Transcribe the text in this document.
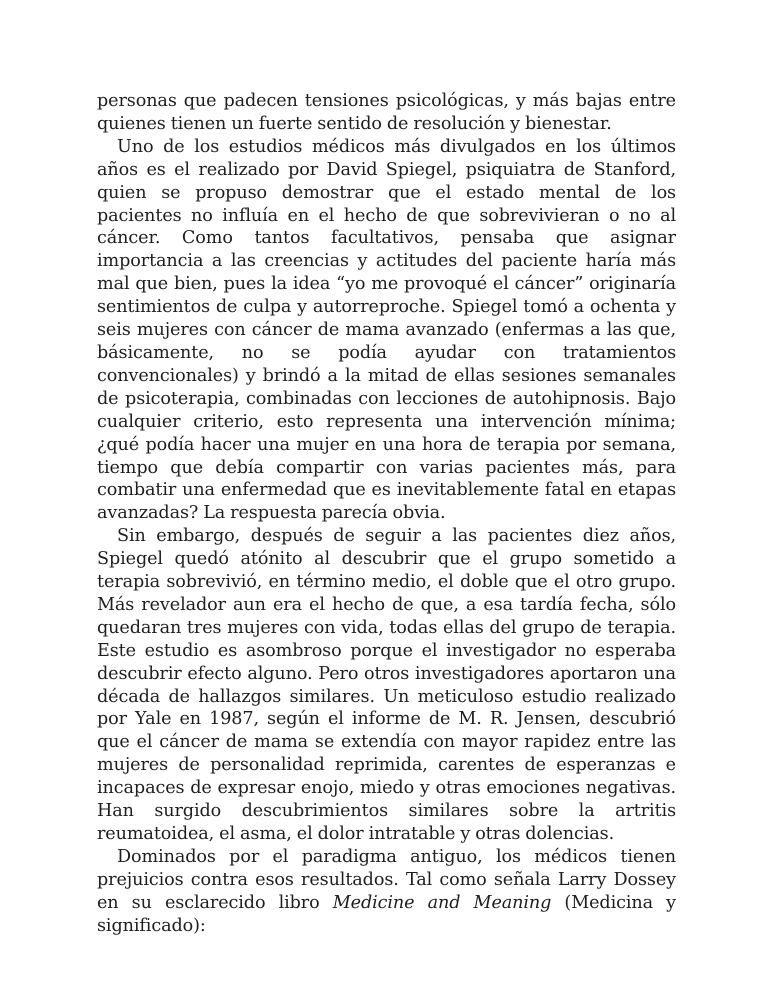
personas que padecen tensiones psicológicas, y más bajas entre quienes tienen un fuerte sentido de resolución y bienestar.

Uno de los estudios médicos más divulgados en los últimos años es el realizado por David Spiegel, psiquiatra de Stanford, quien se propuso demostrar que el estado mental de los pacientes no influía en el hecho de que sobrevivieran o no al cáncer. Como tantos facultativos, pensaba que asignar importancia a las creencias y actitudes del paciente haría más mal que bien, pues la idea “yo me provoqué el cáncer” originaría sentimientos de culpa y autorreproche. Spiegel tomó a ochenta y seis mujeres con cáncer de mama avanzado (enfermas a las que, básicamente, no se podía ayudar con tratamientos convencionales) y brindó a la mitad de ellas sesiones semanales de psicoterapia, combinadas con lecciones de autohipnosis. Bajo cualquier criterio, esto representa una intervención mínima; ¿qué podía hacer una mujer en una hora de terapia por semana, tiempo que debía compartir con varias pacientes más, para combatir una enfermedad que es inevitablemente fatal en etapas avanzadas? La respuesta parecía obvia.

Sin embargo, después de seguir a las pacientes diez años, Spiegel quedó atónito al descubrir que el grupo sometido a terapia sobrevivió, en término medio, el doble que el otro grupo. Más revelador aun era el hecho de que, a esa tardía fecha, sólo quedaran tres mujeres con vida, todas ellas del grupo de terapia. Este estudio es asombroso porque el investigador no esperaba descubrir efecto alguno. Pero otros investigadores aportaron una década de hallazgos similares. Un meticuloso estudio realizado por Yale en 1987, según el informe de M. R. Jensen, descubrió que el cáncer de mama se extendía con mayor rapidez entre las mujeres de personalidad reprimida, carentes de esperanzas e incapaces de expresar enojo, miedo y otras emociones negativas. Han surgido descubrimientos similares sobre la artritis reumatoidea, el asma, el dolor intratable y otras dolencias.

Dominados por el paradigma antiguo, los médicos tienen prejuicios contra esos resultados. Tal como señala Larry Dossey en su esclarecido libro Medicine and Meaning (Medicina y significado):
